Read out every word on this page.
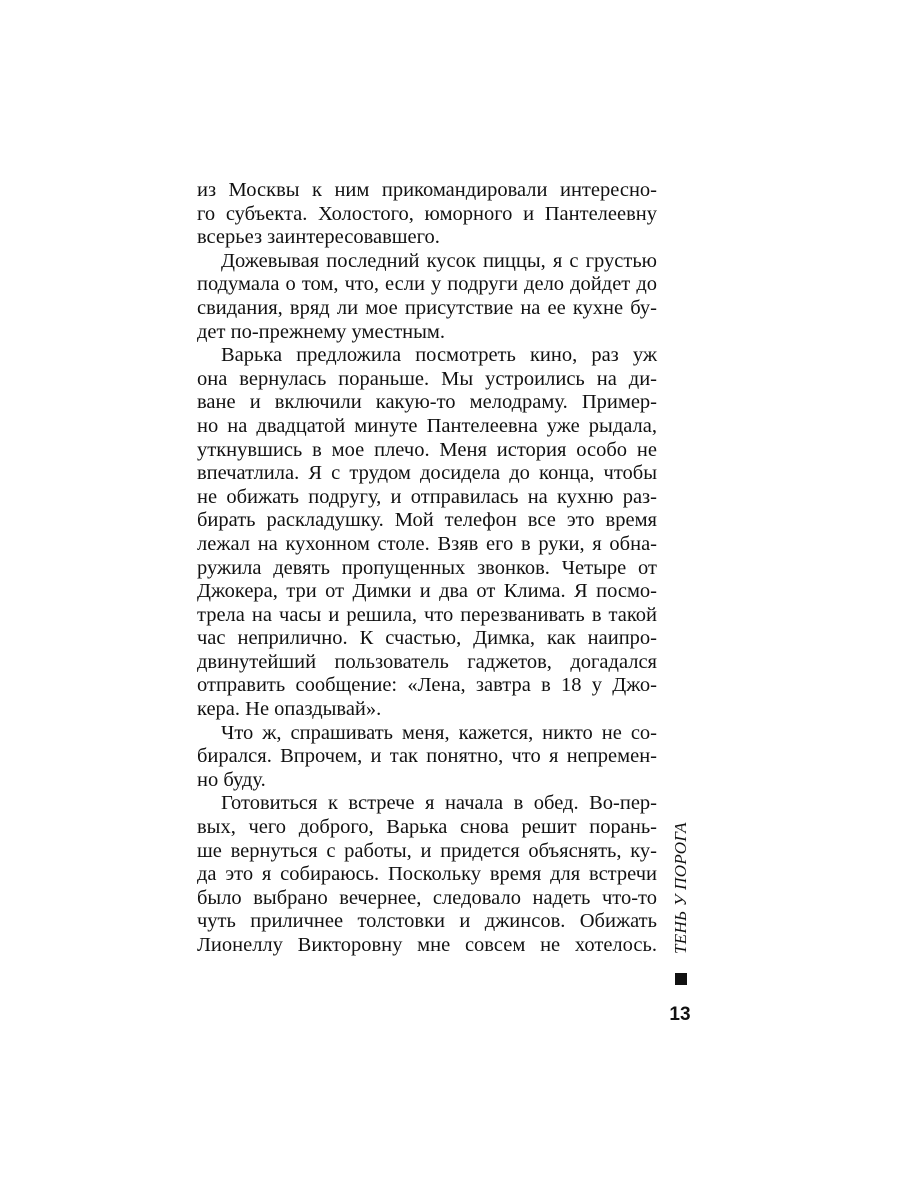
из Москвы к ним прикомандировали интересно-
го субъекта. Холостого, юморного и Пантелеевну
всерьез заинтересовавшего.
Дожевывая последний кусок пиццы, я с грустью
подумала о том, что, если у подруги дело дойдет до
свидания, вряд ли мое присутствие на ее кухне бу-
дет по-прежнему уместным.
Варька предложила посмотреть кино, раз уж
она вернулась пораньше. Мы устроились на ди-
ване и включили какую-то мелодраму. Пример-
но на двадцатой минуте Пантелеевна уже рыдала,
уткнувшись в мое плечо. Меня история особо не
впечатлила. Я с трудом досидела до конца, чтобы
не обижать подругу, и отправилась на кухню раз-
бирать раскладушку. Мой телефон все это время
лежал на кухонном столе. Взяв его в руки, я обна-
ружила девять пропущенных звонков. Четыре от
Джокера, три от Димки и два от Клима. Я посмо-
трела на часы и решила, что перезванивать в такой
час неприлично. К счастью, Димка, как наипро-
двинутейший пользователь гаджетов, догадался
отправить сообщение: «Лена, завтра в 18 у Джо-
кера. Не опаздывай».
Что ж, спрашивать меня, кажется, никто не со-
бирался. Впрочем, и так понятно, что я непремен-
но буду.
Готовиться к встрече я начала в обед. Во-пер-
вых, чего доброго, Варька снова решит порань-
ше вернуться с работы, и придется объяснять, ку-
да это я собираюсь. Поскольку время для встречи
было выбрано вечернее, следовало надеть что-то
чуть приличнее толстовки и джинсов. Обижать
Лионеллу Викторовну мне совсем не хотелось. ТЕНЬ У ПОРОГА
13
